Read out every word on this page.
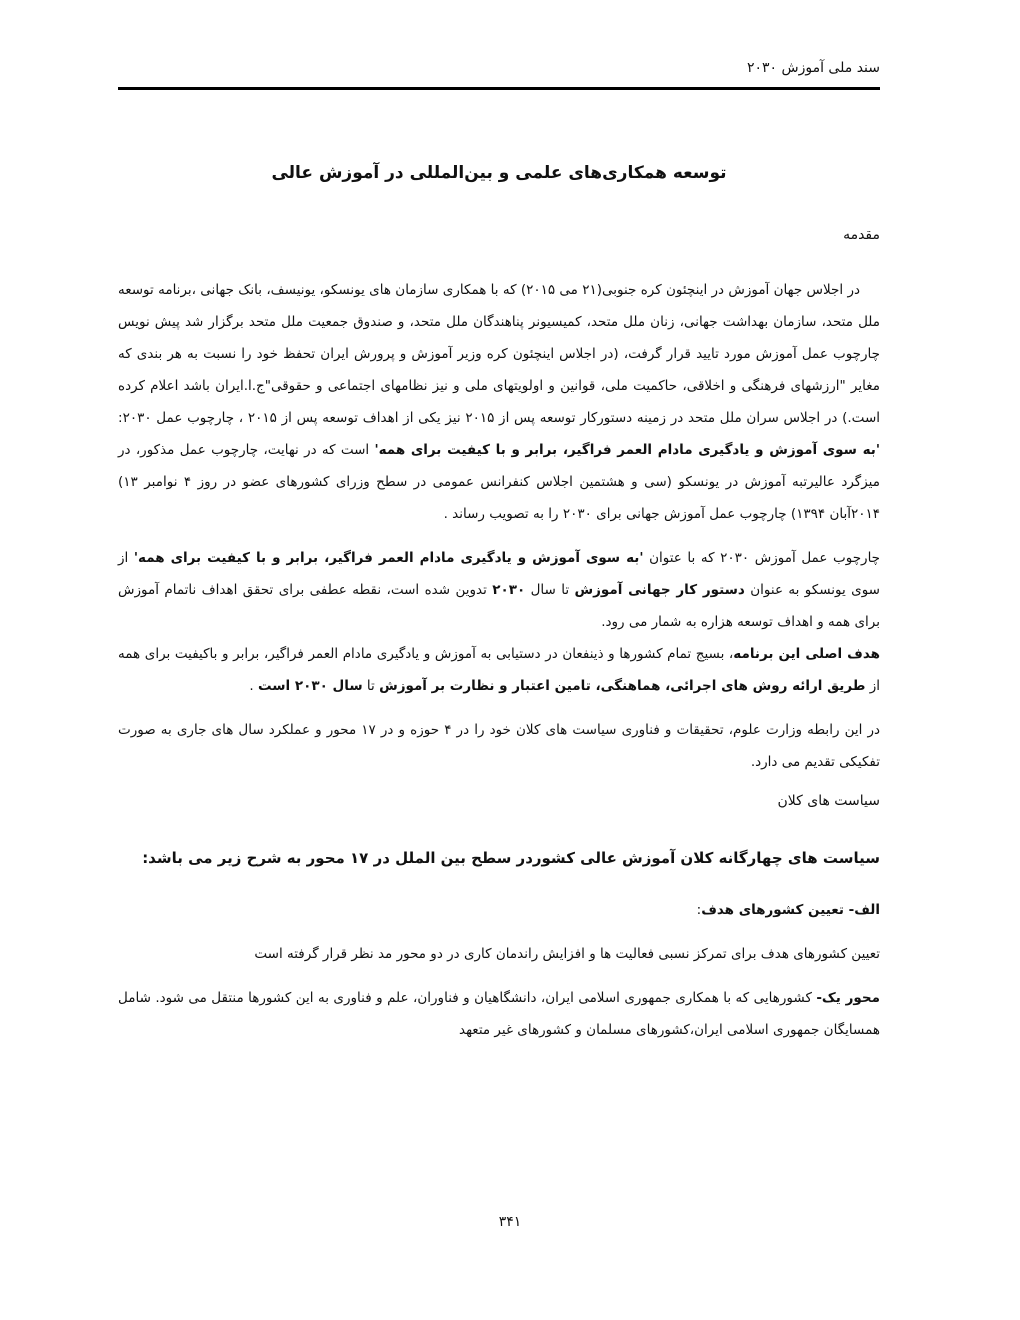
سند ملی آموزش ۲۰۳۰
توسعه همکاری‌های علمی و بین‌المللی در آموزش عالی
مقدمه

در اجلاس جهان آموزش در اینچئون کره جنوبی(۲۱ می ۲۰۱۵) که با همکاری سازمان های یونسکو، یونیسف، بانک جهانی ،برنامه توسعه ملل متحد، سازمان بهداشت جهانی، زنان ملل متحد، کمیسیونر پناهندگان ملل متحد، و صندوق جمعیت ملل متحد برگزار شد پیش نویس چارچوب عمل آموزش مورد تایید قرار گرفت، (در اجلاس اینچئون کره وزیر آموزش و پرورش ایران تحفظ خود را نسبت به هر بندی که مغایر "ارزشهای فرهنگی و اخلاقی، حاکمیت ملی، قوانین و اولویتهای ملی و نیز نظامهای اجتماعی و حقوقی"ج.ا.ایران باشد اعلام کرده است.) در اجلاس سران ملل متحد در زمینه دستورکار توسعه پس از ۲۰۱۵ نیز یکی از اهداف توسعه پس از ۲۰۱۵ ، چارچوب عمل ۲۰۳۰: 'به سوی آموزش و یادگیری مادام العمر فراگیر، برابر و با کیفیت برای همه' است که در نهایت، چارچوب عمل مذکور، در میزگرد عالیرتبه آموزش در یونسکو (سی و هشتمین اجلاس کنفرانس عمومی در سطح وزرای کشورهای عضو در روز ۴ نوامبر ۱۳) ۲۰۱۴آبان ۱۳۹۴) چارچوب عمل آموزش جهانی برای ۲۰۳۰ را به تصویب رساند .

چارچوب عمل آموزش ۲۰۳۰ که با عتوان 'به سوی آموزش و یادگیری مادام العمر فراگیر، برابر و با کیفیت برای همه' از سوی یونسکو به عنوان دستور کار جهانی آموزش تا سال ۲۰۳۰ تدوین شده است، نقطه عطفی برای تحقق اهداف ناتمام آموزش برای همه و اهداف توسعه هزاره به شمار می رود.

هدف اصلی این برنامه، بسیج تمام کشورها و ذینفعان در دستیابی به آموزش و یادگیری مادام العمر فراگیر، برابر و باکیفیت برای همه از طریق ارائه روش های اجرائی، هماهنگی، تامین اعتبار و نظارت بر آموزش تا سال ۲۰۳۰ است .

در این رابطه وزارت علوم، تحقیقات و فناوری سیاست های کلان خود را در ۴ حوزه و در ۱۷ محور و عملکرد سال های جاری به صورت تفکیکی تقدیم می دارد.

سیاست های کلان
سیاست های چهارگانه کلان آموزش عالی کشوردر سطح بین الملل در ۱۷ محور به شرح زیر می باشد:

الف- تعیین کشورهای هدف:

تعیین کشورهای هدف برای تمرکز نسبی فعالیت ها و افزایش راندمان کاری در دو محور مد نظر قرار گرفته است

محور یک- کشورهایی که با همکاری جمهوری اسلامی ایران، دانشگاهیان و فناوران، علم و فناوری به این کشورها منتقل می شود. شامل همسایگان جمهوری اسلامی ایران،کشورهای مسلمان و کشورهای غیر متعهد

۳۴۱
